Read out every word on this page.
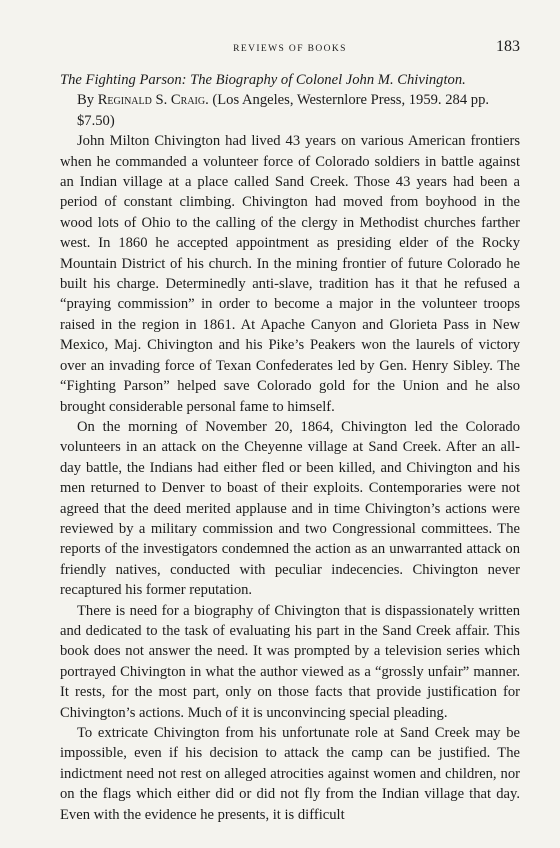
REVIEWS OF BOOKS	183
The Fighting Parson: The Biography of Colonel John M. Chivington.
By Reginald S. Craig. (Los Angeles, Westernlore Press, 1959. 284 pp. $7.50)

John Milton Chivington had lived 43 years on various American frontiers when he commanded a volunteer force of Colorado soldiers in battle against an Indian village at a place called Sand Creek. Those 43 years had been a period of constant climbing. Chivington had moved from boyhood in the wood lots of Ohio to the calling of the clergy in Methodist churches farther west. In 1860 he accepted appointment as presiding elder of the Rocky Mountain District of his church. In the mining frontier of future Colorado he built his charge. Determinedly anti-slave, tradition has it that he refused a “praying commission” in order to become a major in the volunteer troops raised in the region in 1861. At Apache Canyon and Glorieta Pass in New Mexico, Maj. Chivington and his Pike’s Peakers won the laurels of victory over an invading force of Texan Confederates led by Gen. Henry Sibley. The “Fighting Parson” helped save Colorado gold for the Union and he also brought considerable personal fame to himself.

On the morning of November 20, 1864, Chivington led the Colorado volunteers in an attack on the Cheyenne village at Sand Creek. After an all-day battle, the Indians had either fled or been killed, and Chivington and his men returned to Denver to boast of their exploits. Contemporaries were not agreed that the deed merited applause and in time Chivington’s actions were reviewed by a military commission and two Congressional committees. The reports of the investigators condemned the action as an unwarranted attack on friendly natives, conducted with peculiar indecencies. Chivington never recaptured his former reputation.

There is need for a biography of Chivington that is dispassionately written and dedicated to the task of evaluating his part in the Sand Creek affair. This book does not answer the need. It was prompted by a television series which portrayed Chivington in what the author viewed as a “grossly unfair” manner. It rests, for the most part, only on those facts that provide justification for Chivington’s actions. Much of it is unconvincing special pleading.

To extricate Chivington from his unfortunate role at Sand Creek may be impossible, even if his decision to attack the camp can be justified. The indictment need not rest on alleged atrocities against women and children, nor on the flags which either did or did not fly from the Indian village that day. Even with the evidence he presents, it is difficult
